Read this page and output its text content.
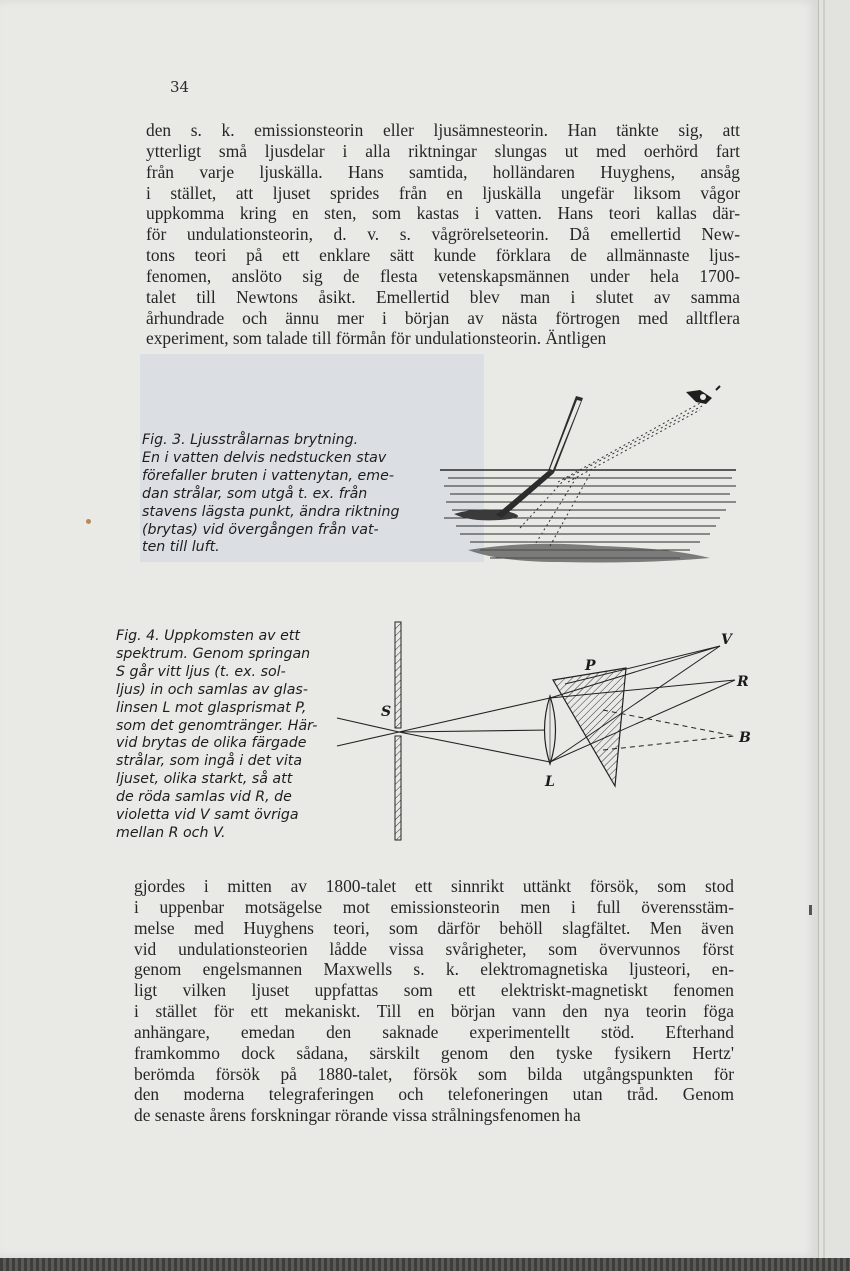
34

den s. k. emissionsteorin eller ljusämnesteorin. Han tänkte sig, att
ytterligt små ljusdelar i alla riktningar slungas ut med oerhörd fart
från varje ljuskälla. Hans samtida, holländaren Huyghens, ansåg
i stället, att ljuset sprides från en ljuskälla ungefär liksom vågor
uppkomma kring en sten, som kastas i vatten. Hans teori kallas där-
för undulationsteorin, d. v. s. vågrörelseteorin. Då emellertid New-
tons teori på ett enklare sätt kunde förklara de allmännaste ljus-
fenomen, anslöto sig de flesta vetenskapsmännen under hela 1700-
talet till Newtons åsikt. Emellertid blev man i slutet av samma
århundrade och ännu mer i början av nästa förtrogen med alltflera
experiment, som talade till förmån för undulationsteorin. Äntligen

Fig. 3. Ljusstrålarnas brytning.
En i vatten delvis nedstucken stav
förefaller bruten i vattenytan, eme-
dan strålar, som utgå t. ex. från
stavens lägsta punkt, ändra riktning
(brytas) vid övergången från vat-
ten till luft.

Fig. 4. Uppkomsten av ett
spektrum. Genom springan
S går vitt ljus (t. ex. sol-
ljus) in och samlas av glas-
linsen L mot glasprismat P,
som det genomtränger. Här-
vid brytas de olika färgade
strålar, som ingå i det vita
ljuset, olika starkt, så att
de röda samlas vid R, de
violetta vid V samt övriga
mellan R och V.

S
L
P
V
R
B

gjordes i mitten av 1800-talet ett sinnrikt uttänkt försök, som stod
i uppenbar motsägelse mot emissionsteorin men i full överensstäm-
melse med Huyghens teori, som därför behöll slagfältet. Men även
vid undulationsteorien lådde vissa svårigheter, som övervunnos först
genom engelsmannen Maxwells s. k. elektromagnetiska ljusteori, en-
ligt vilken ljuset uppfattas som ett elektriskt-magnetiskt fenomen
i stället för ett mekaniskt. Till en början vann den nya teorin föga
anhängare, emedan den saknade experimentellt stöd. Efterhand
framkommo dock sådana, särskilt genom den tyske fysikern Hertz'
berömda försök på 1880-talet, försök som bilda utgångspunkten för
den moderna telegraferingen och telefoneringen utan tråd. Genom
de senaste årens forskningar rörande vissa strålningsfenomen ha
